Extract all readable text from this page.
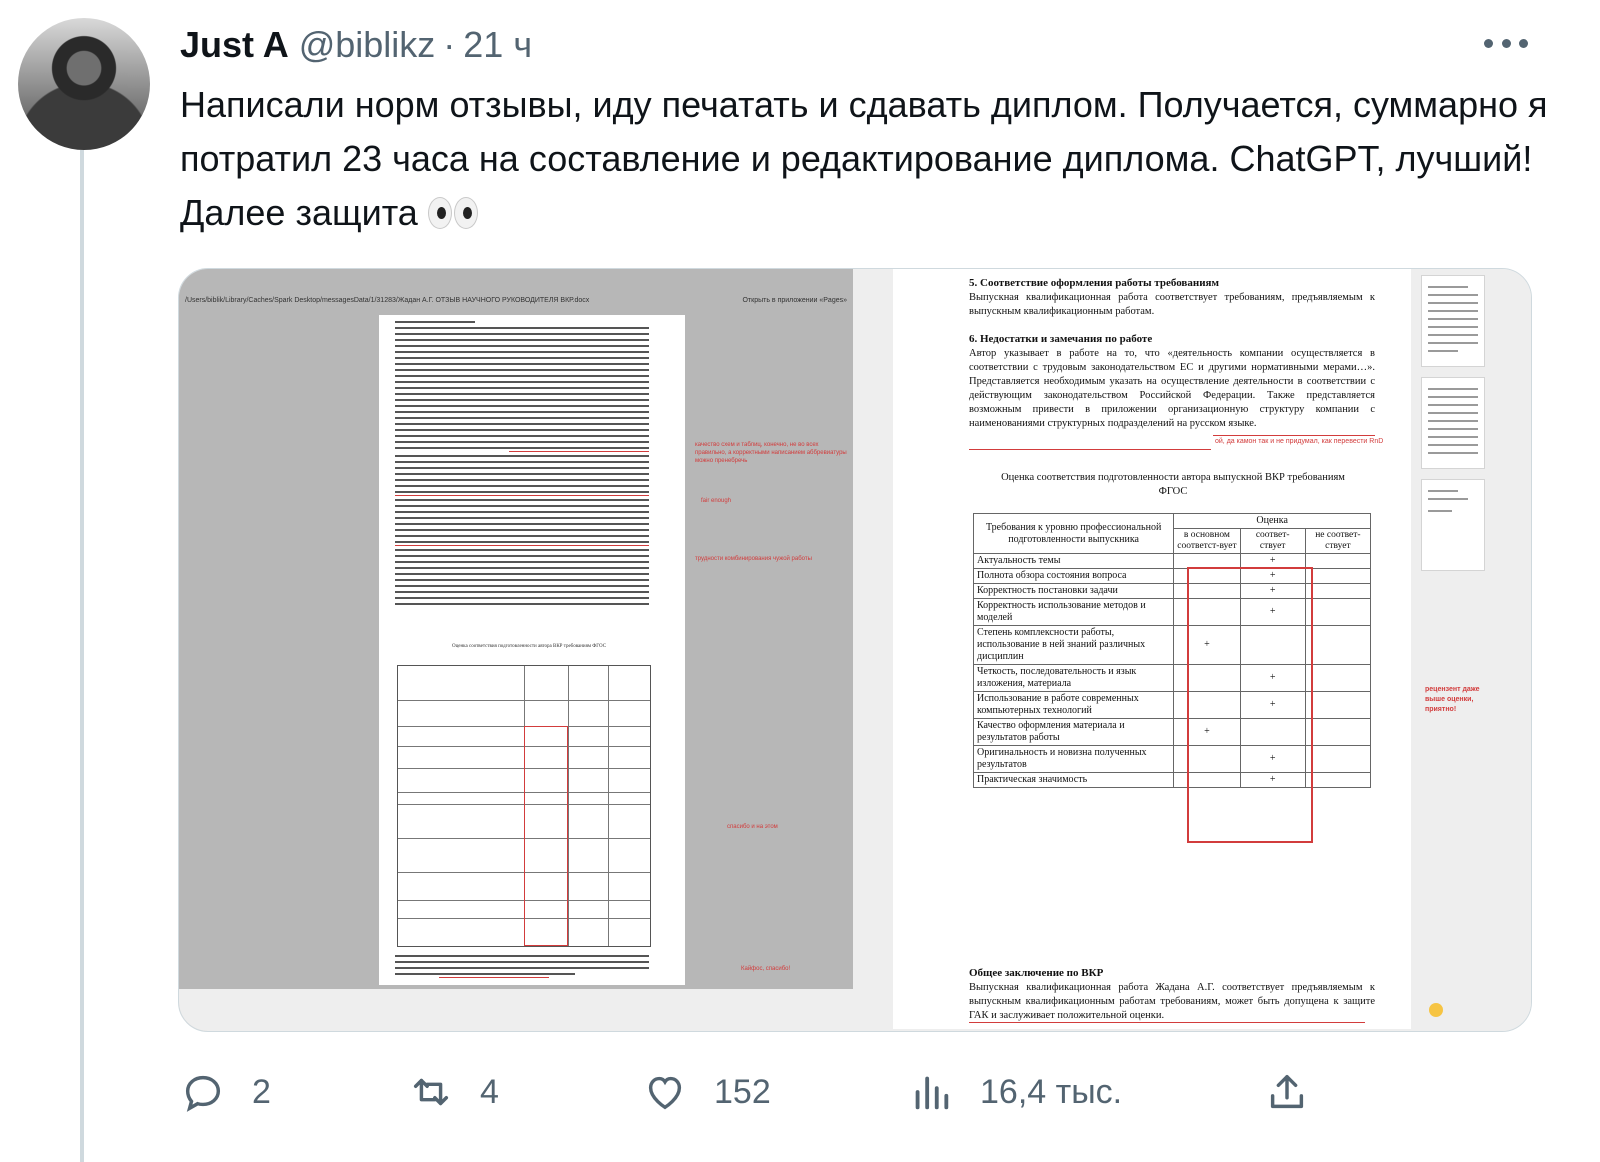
Just A @biblikz · 21 ч
Написали норм отзывы, иду печатать и сдавать диплом. Получается, суммарно я потратил 23 часа на составление и редактирование диплома. ChatGPT, лучший! Далее защита
/Users/biblik/Library/Caches/Spark Desktop/messagesData/1/31283/Жадан А.Г. ОТЗЫВ НАУЧНОГО РУКОВОДИТЕЛЯ ВКР.docx	Открыть в приложении «Pages»
Оценка соответствия подготовленности автора ВКР требованиям ФГОС
качество схем и таблиц, конечно, не во всех правильно, а корректными написанием аббревиатуры можно пренебречь
fair enough
трудности комбинирования чужой работы
спасибо и на этом
Кайфос, спасибо!
5. Соответствие оформления работы требованиям
Выпускная квалификационная работа соответствует требованиям, предъявляемым к выпускным квалификационным работам.
6. Недостатки и замечания по работе
Автор указывает в работе на то, что «деятельность компании осуществляется в соответствии с трудовым законодательством ЕС и другими нормативными мерами…». Представляется необходимым указать на осуществление деятельности в соответствии с действующим законодательством Российской Федерации. Также представляется возможным привести в приложении организационную структуру компании с наименованиями структурных подразделений на русском языке.
ой, да камон так и не придумал, как перевести RnD
Оценка соответствия подготовленности автора выпускной ВКР требованиям ФГОС
Требования к уровню профессиональной подготовленности выпускника	Оценка		
	в основном соответст-вует	соответ-ствует	не соответ-ствует
Актуальность темы		+	
Полнота обзора состояния вопроса		+	
Корректность постановки задачи		+	
Корректность использование методов и моделей		+	
Степень комплексности работы, использование в ней знаний различных дисциплин	+		
Четкость, последовательность и язык изложения, материала		+	
Использование в работе современных компьютерных технологий		+	
Качество оформления материала и результатов работы	+		
Оригинальность и новизна полученных результатов		+	
Практическая значимость		+	
Общее заключение по ВКР
Выпускная квалификационная работа Жадана А.Г. соответствует предъявляемым к выпускным квалификационным работам требованиям, может быть допущена к защите ГАК и заслуживает положительной оценки.
рецензент даже выше оценки, приятно!
2	4	152	16,4 тыс.
